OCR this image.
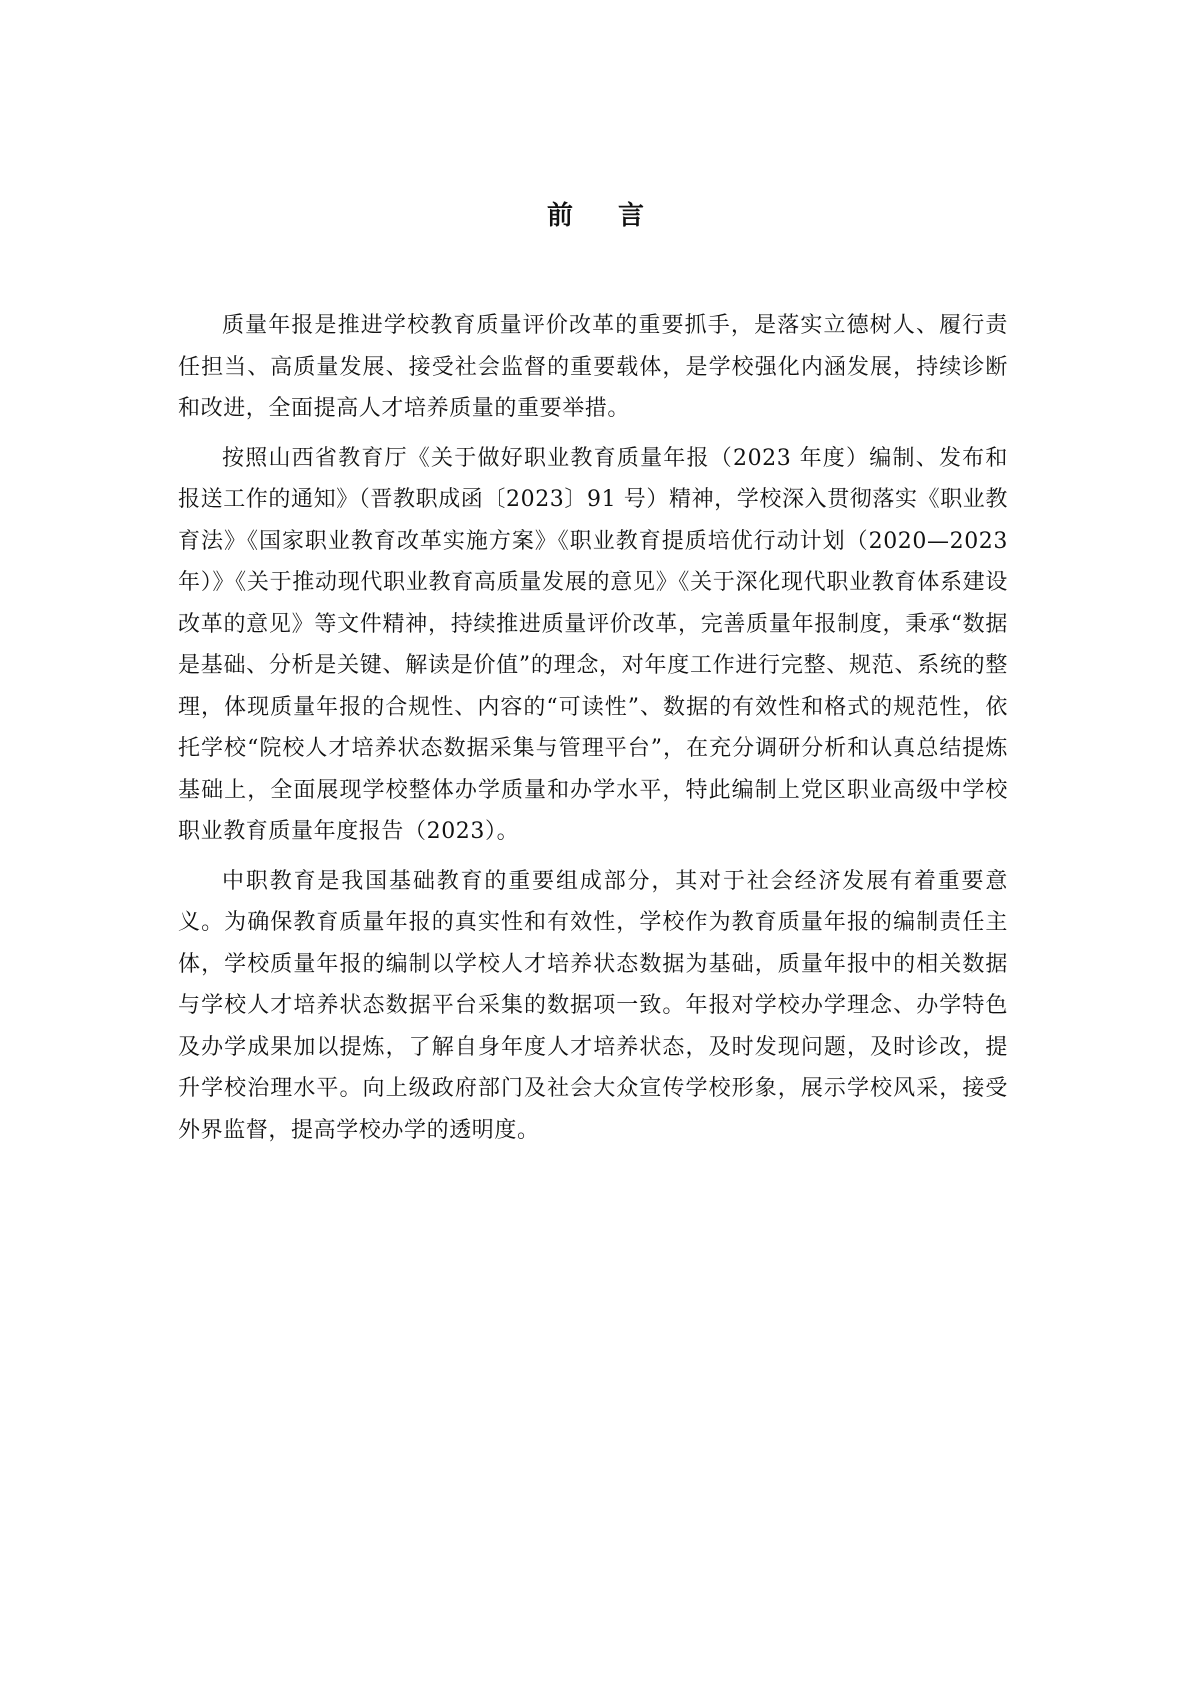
前 言

质量年报是推进学校教育质量评价改革的重要抓手，是落实立德树人、履行责任担当、高质量发展、接受社会监督的重要载体，是学校强化内涵发展，持续诊断和改进，全面提高人才培养质量的重要举措。

按照山西省教育厅《关于做好职业教育质量年报（2023 年度）编制、发布和报送工作的通知》（晋教职成函〔2023〕91 号）精神，学校深入贯彻落实《职业教育法》《国家职业教育改革实施方案》《职业教育提质培优行动计划（2020—2023 年）》《关于推动现代职业教育高质量发展的意见》《关于深化现代职业教育体系建设改革的意见》等文件精神，持续推进质量评价改革，完善质量年报制度，秉承“数据是基础、分析是关键、解读是价值”的理念，对年度工作进行完整、规范、系统的整理，体现质量年报的合规性、内容的“可读性”、数据的有效性和格式的规范性，依托学校“院校人才培养状态数据采集与管理平台”，在充分调研分析和认真总结提炼基础上，全面展现学校整体办学质量和办学水平，特此编制上党区职业高级中学校职业教育质量年度报告（2023）。

中职教育是我国基础教育的重要组成部分，其对于社会经济发展有着重要意义。为确保教育质量年报的真实性和有效性，学校作为教育质量年报的编制责任主体，学校质量年报的编制以学校人才培养状态数据为基础，质量年报中的相关数据与学校人才培养状态数据平台采集的数据项一致。年报对学校办学理念、办学特色及办学成果加以提炼，了解自身年度人才培养状态，及时发现问题，及时诊改，提升学校治理水平。向上级政府部门及社会大众宣传学校形象，展示学校风采，接受外界监督，提高学校办学的透明度。
